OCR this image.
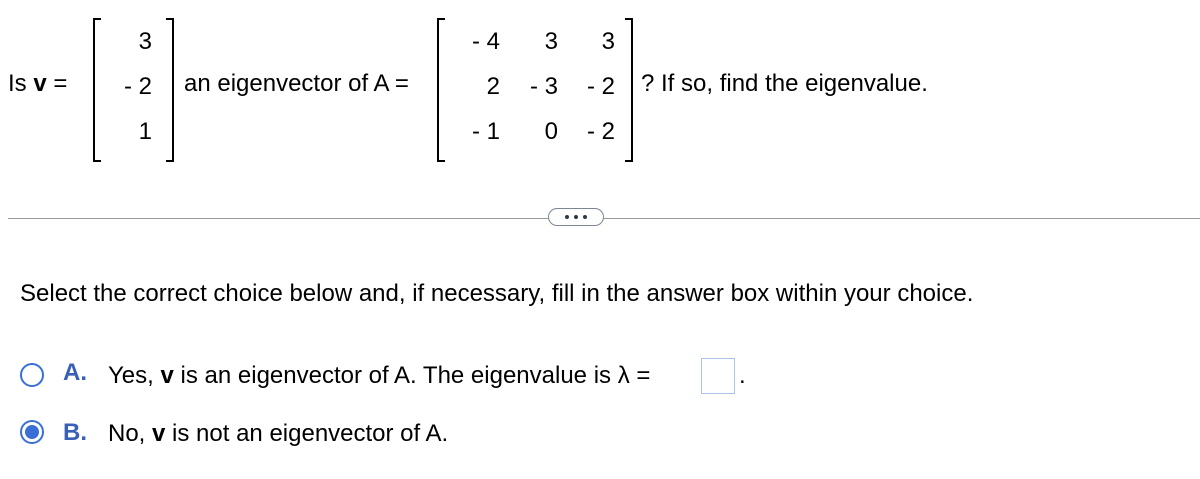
Is v =
3
- 2
1
an eigenvector of A =
- 4	3	3
2	- 3	- 2
- 1	0	- 2
? If so, find the eigenvalue.
Select the correct choice below and, if necessary, fill in the answer box within your choice.
A. Yes, v is an eigenvector of A. The eigenvalue is λ =	.
B. No, v is not an eigenvector of A.
